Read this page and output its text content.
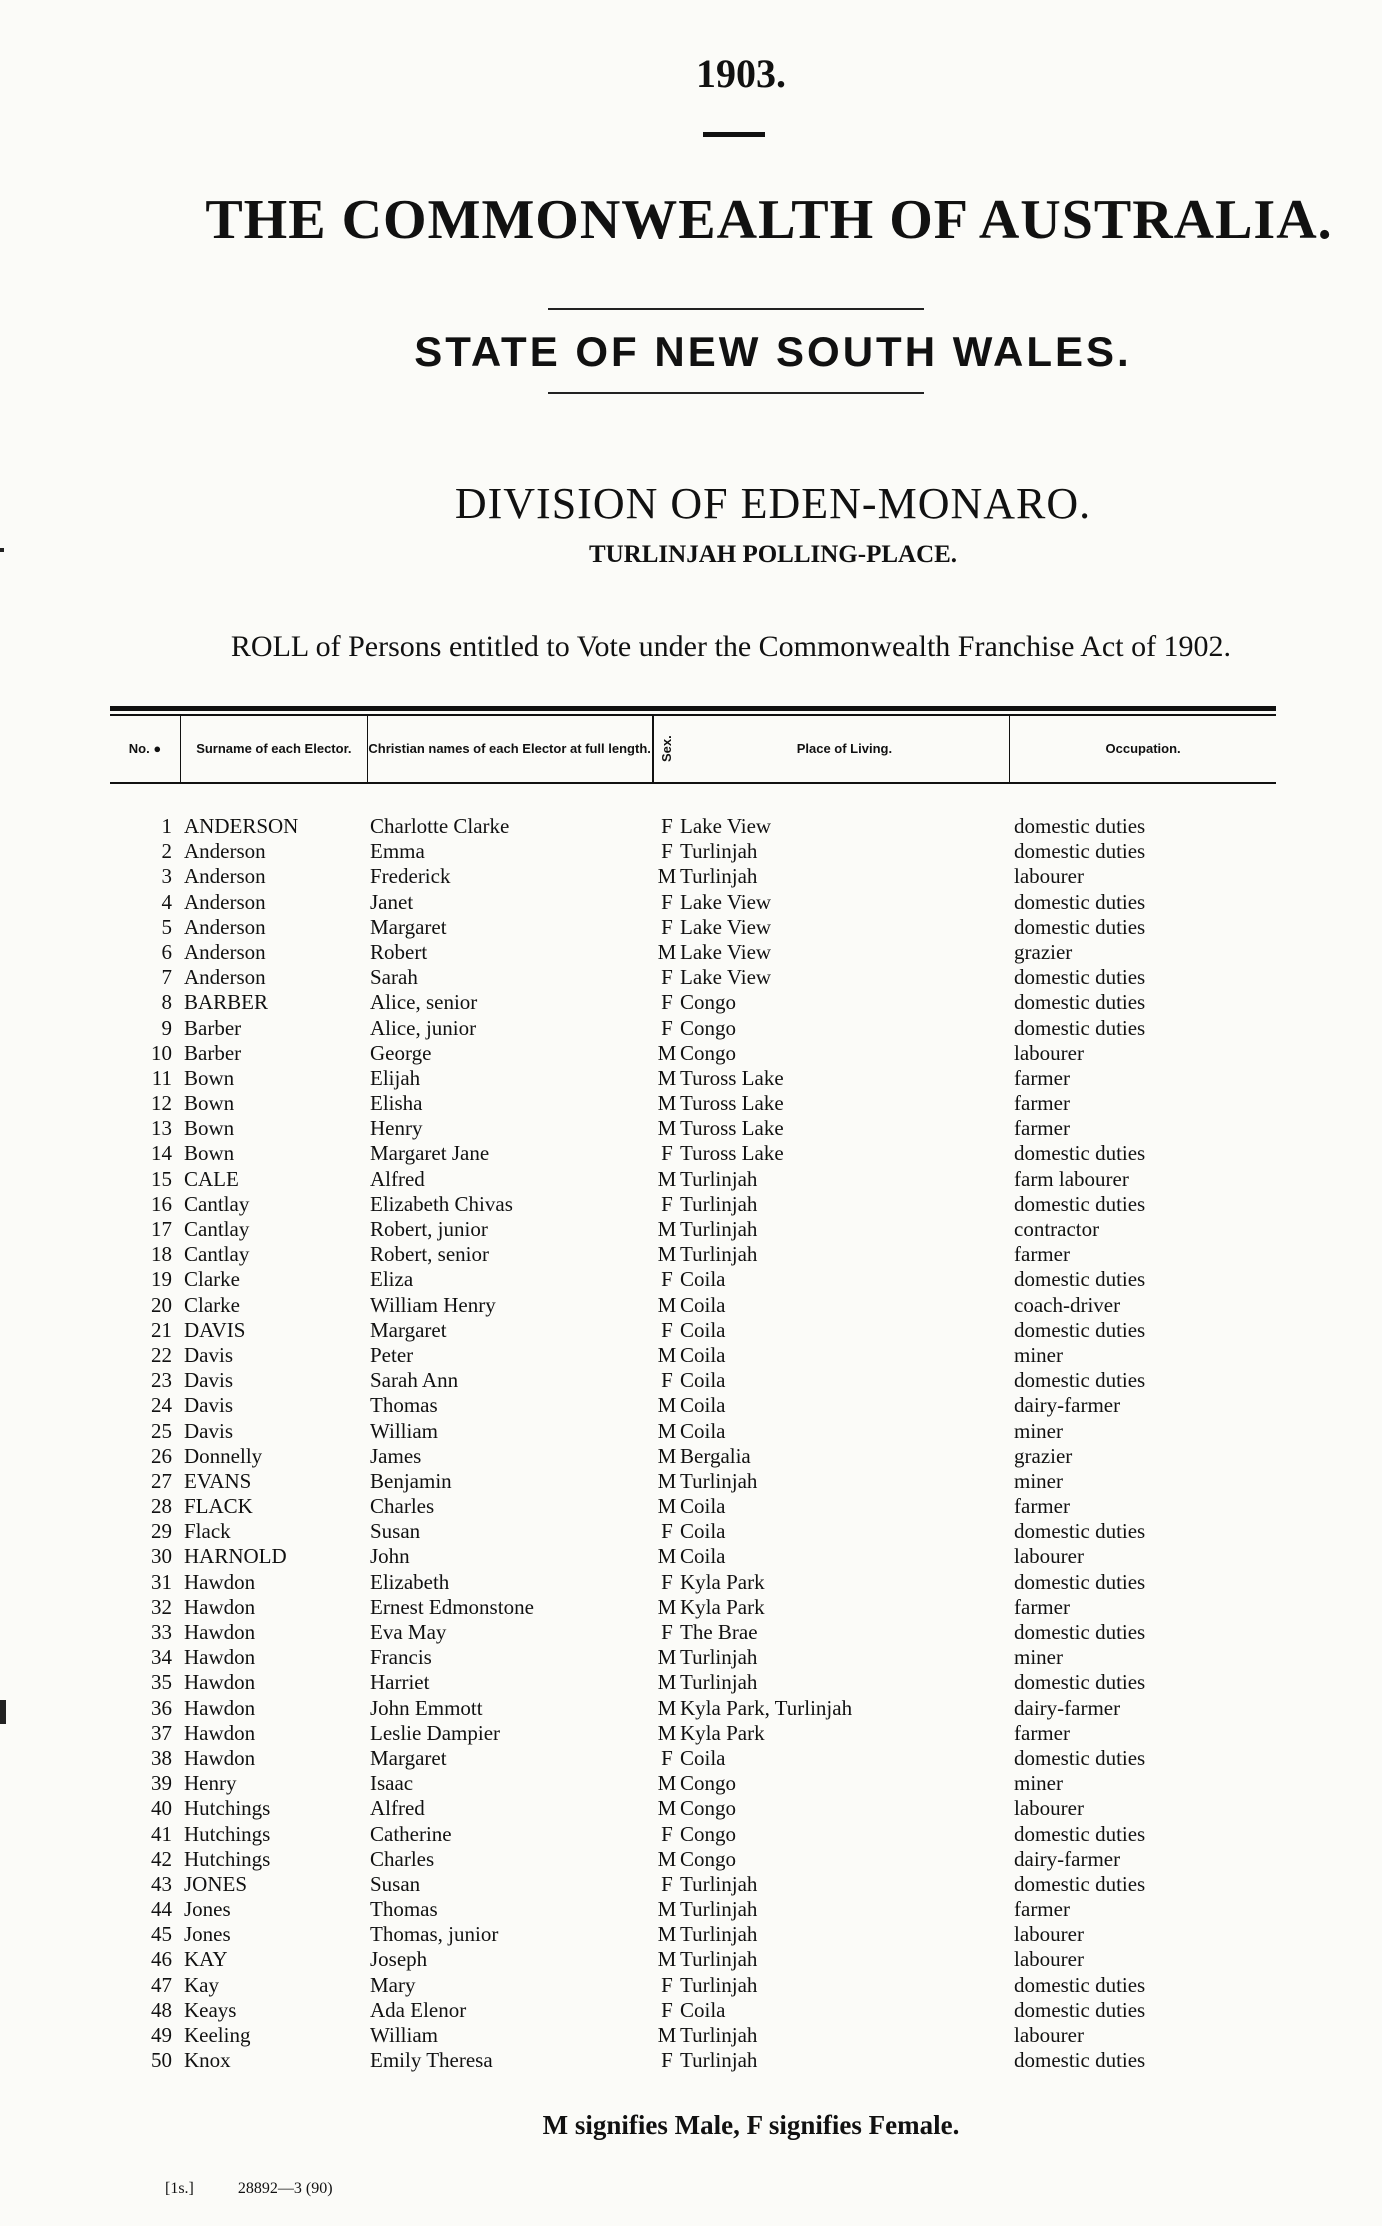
1903.
THE COMMONWEALTH OF AUSTRALIA.
STATE OF NEW SOUTH WALES.
DIVISION OF EDEN-MONARO.
TURLINJAH POLLING-PLACE.
ROLL of Persons entitled to Vote under the Commonwealth Franchise Act of 1902.
No. ●	Surname of each Elector.	Christian names of each Elector at full length. Sex.	Place of Living.	Occupation.
1 ANDERSON	Charlotte Clarke	F Lake View	domestic duties
2 Anderson	Emma	F Turlinjah	domestic duties
3 Anderson	Frederick	M Turlinjah	labourer
4 Anderson	Janet	F Lake View	domestic duties
5 Anderson	Margaret	F Lake View	domestic duties
6 Anderson	Robert	M Lake View	grazier
7 Anderson	Sarah	F Lake View	domestic duties
8 BARBER	Alice, senior	F Congo	domestic duties
9 Barber	Alice, junior	F Congo	domestic duties
10 Barber	George	M Congo	labourer
11 Bown	Elijah	M Tuross Lake	farmer
12 Bown	Elisha	M Tuross Lake	farmer
13 Bown	Henry	M Tuross Lake	farmer
14 Bown	Margaret Jane	F Tuross Lake	domestic duties
15 CALE	Alfred	M Turlinjah	farm labourer
16 Cantlay	Elizabeth Chivas	F Turlinjah	domestic duties
17 Cantlay	Robert, junior	M Turlinjah	contractor
18 Cantlay	Robert, senior	M Turlinjah	farmer
19 Clarke	Eliza	F Coila	domestic duties
20 Clarke	William Henry	M Coila	coach-driver
21 DAVIS	Margaret	F Coila	domestic duties
22 Davis	Peter	M Coila	miner
23 Davis	Sarah Ann	F Coila	domestic duties
24 Davis	Thomas	M Coila	dairy-farmer
25 Davis	William	M Coila	miner
26 Donnelly	James	M Bergalia	grazier
27 EVANS	Benjamin	M Turlinjah	miner
28 FLACK	Charles	M Coila	farmer
29 Flack	Susan	F Coila	domestic duties
30 HARNOLD	John	M Coila	labourer
31 Hawdon	Elizabeth	F Kyla Park	domestic duties
32 Hawdon	Ernest Edmonstone	M Kyla Park	farmer
33 Hawdon	Eva May	F The Brae	domestic duties
34 Hawdon	Francis	M Turlinjah	miner
35 Hawdon	Harriet	M Turlinjah	domestic duties
36 Hawdon	John Emmott	M Kyla Park, Turlinjah	dairy-farmer
37 Hawdon	Leslie Dampier	M Kyla Park	farmer
38 Hawdon	Margaret	F Coila	domestic duties
39 Henry	Isaac	M Congo	miner
40 Hutchings	Alfred	M Congo	labourer
41 Hutchings	Catherine	F Congo	domestic duties
42 Hutchings	Charles	M Congo	dairy-farmer
43 JONES	Susan	F Turlinjah	domestic duties
44 Jones	Thomas	M Turlinjah	farmer
45 Jones	Thomas, junior	M Turlinjah	labourer
46 KAY	Joseph	M Turlinjah	labourer
47 Kay	Mary	F Turlinjah	domestic duties
48 Keays	Ada Elenor	F Coila	domestic duties
49 Keeling	William	M Turlinjah	labourer
50 Knox	Emily Theresa	F Turlinjah	domestic duties
M signifies Male, F signifies Female.
[1s.]	28892—3 (90)
